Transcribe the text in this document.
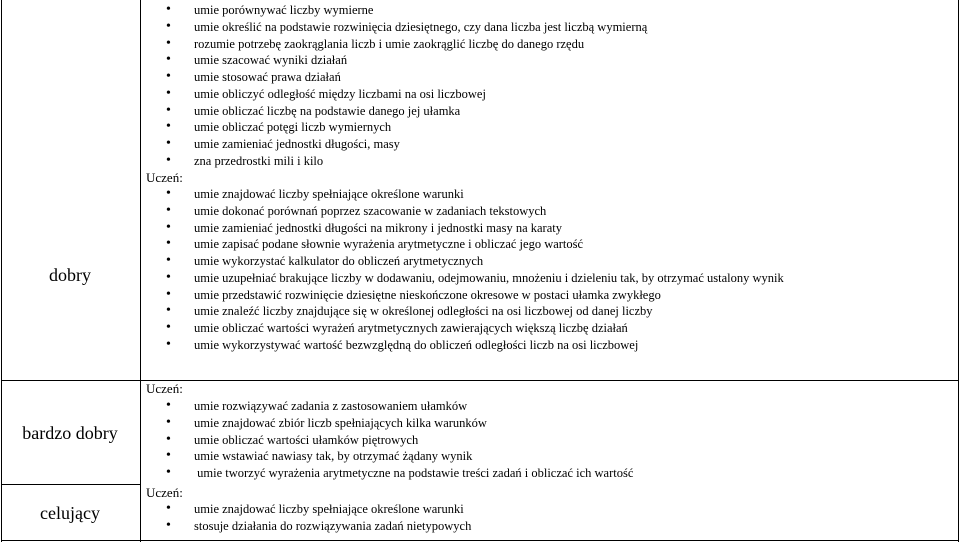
dobry
• umie porównywać liczby wymierne
• umie określić na podstawie rozwinięcia dziesiętnego, czy dana liczba jest liczbą wymierną
• rozumie potrzebę zaokrąglania liczb i umie zaokrąglić liczbę do danego rzędu
• umie szacować wyniki działań
• umie stosować prawa działań
• umie obliczyć odległość między liczbami na osi liczbowej
• umie obliczać liczbę na podstawie danego jej ułamka
• umie obliczać potęgi liczb wymiernych
• umie zamieniać jednostki długości, masy
• zna przedrostki mili i kilo
Uczeń:
• umie znajdować liczby spełniające określone warunki
• umie dokonać porównań poprzez szacowanie w zadaniach tekstowych
• umie zamieniać jednostki długości na mikrony i jednostki masy na karaty
• umie zapisać podane słownie wyrażenia arytmetyczne i obliczać jego wartość
• umie wykorzystać kalkulator do obliczeń arytmetycznych
• umie uzupełniać brakujące liczby w dodawaniu, odejmowaniu, mnożeniu i dzieleniu tak, by otrzymać ustalony wynik
• umie przedstawić rozwinięcie dziesiętne nieskończone okresowe w postaci ułamka zwykłego
• umie znaleźć liczby znajdujące się w określonej odległości na osi liczbowej od danej liczby
• umie obliczać wartości wyrażeń arytmetycznych zawierających większą liczbę działań
• umie wykorzystywać wartość bezwzględną do obliczeń odległości liczb na osi liczbowej
bardzo dobry
Uczeń:
• umie rozwiązywać zadania z zastosowaniem ułamków
• umie znajdować zbiór liczb spełniających kilka warunków
• umie obliczać wartości ułamków piętrowych
• umie wstawiać nawiasy tak, by otrzymać żądany wynik
• umie tworzyć wyrażenia arytmetyczne na podstawie treści zadań i obliczać ich wartość
celujący
Uczeń:
• umie znajdować liczby spełniające określone warunki
• stosuje działania do rozwiązywania zadań nietypowych
